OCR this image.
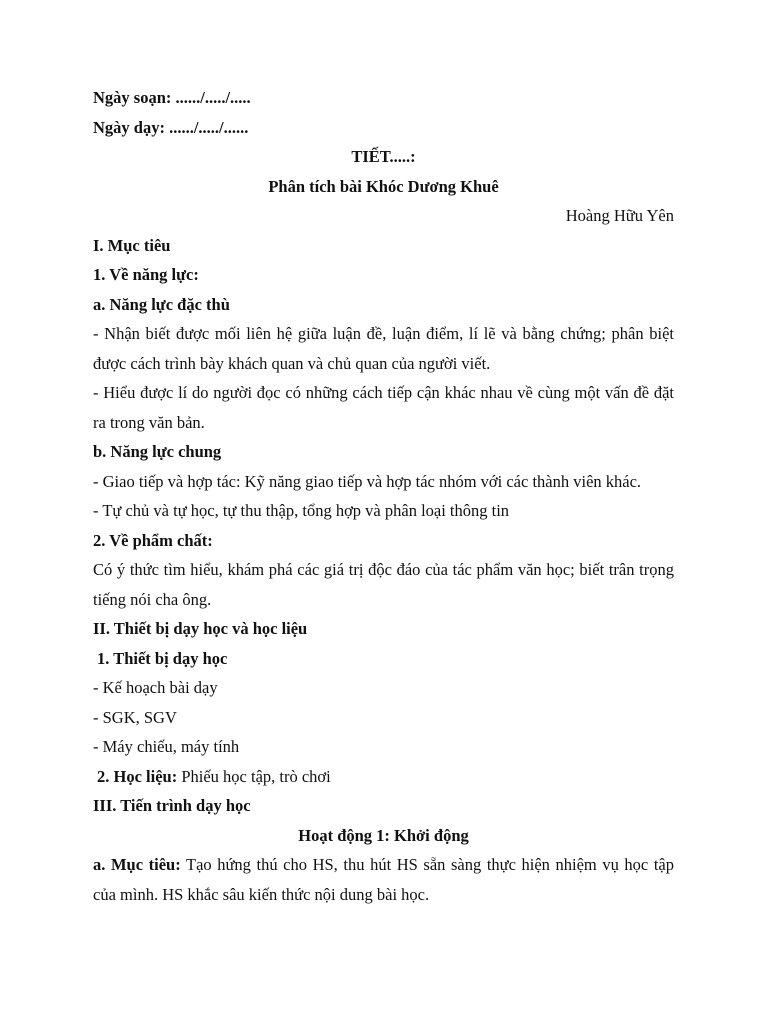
Ngày soạn: ....../...../.....

Ngày dạy: ....../...../......

TIẾT.....:

Phân tích bài Khóc Dương Khuê

Hoàng Hữu Yên

I. Mục tiêu

1. Về năng lực:

a. Năng lực đặc thù

- Nhận biết được mối liên hệ giữa luận đề, luận điểm, lí lẽ và bằng chứng; phân biệt được cách trình bày khách quan và chủ quan của người viết.

- Hiểu được lí do người đọc có những cách tiếp cận khác nhau về cùng một vấn đề đặt ra trong văn bản.

b. Năng lực chung

- Giao tiếp và hợp tác: Kỹ năng giao tiếp và hợp tác nhóm với các thành viên khác.

- Tự chủ và tự học, tự thu thập, tổng hợp và phân loại thông tin

2. Về phẩm chất:

Có ý thức tìm hiểu, khám phá các giá trị độc đáo của tác phẩm văn học; biết trân trọng tiếng nói cha ông.

II. Thiết bị dạy học và học liệu

1. Thiết bị dạy học

- Kế hoạch bài dạy

- SGK, SGV

- Máy chiếu, máy tính

2. Học liệu: Phiếu học tập, trò chơi

III. Tiến trình dạy học

Hoạt động 1: Khởi động

a. Mục tiêu: Tạo hứng thú cho HS, thu hút HS sẵn sàng thực hiện nhiệm vụ học tập của mình. HS khắc sâu kiến thức nội dung bài học.
